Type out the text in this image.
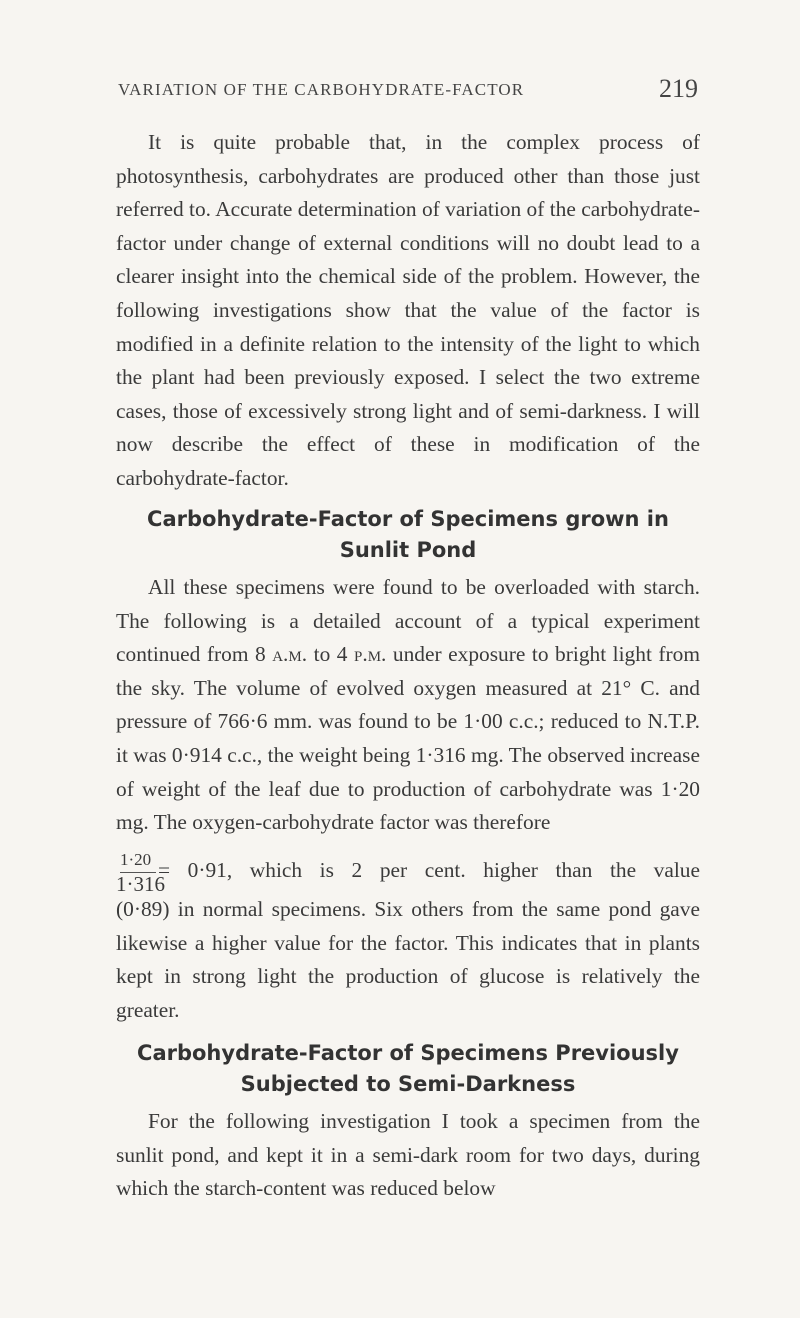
VARIATION OF THE CARBOHYDRATE-FACTOR	219

It is quite probable that, in the complex process of photosynthesis, carbohydrates are produced other than those just referred to. Accurate determination of variation of the carbohydrate-factor under change of external conditions will no doubt lead to a clearer insight into the chemical side of the problem. However, the following investigations show that the value of the factor is modified in a definite relation to the intensity of the light to which the plant had been previously exposed. I select the two extreme cases, those of excessively strong light and of semi-darkness. I will now describe the effect of these in modification of the carbohydrate-factor.

Carbohydrate-Factor of Specimens grown in
Sunlit Pond

All these specimens were found to be overloaded with starch. The following is a detailed account of a typical experiment continued from 8 a.m. to 4 p.m. under exposure to bright light from the sky. The volume of evolved oxygen measured at 21° C. and pressure of 766·6 mm. was found to be 1·00 c.c.; reduced to N.T.P. it was 0·914 c.c., the weight being 1·316 mg. The observed increase of weight of the leaf due to production of carbohydrate was 1·20 mg. The oxygen-carbohydrate factor was therefore

1·20
1·316
= 0·91, which is 2 per cent. higher than the value

(0·89) in normal specimens. Six others from the same pond gave likewise a higher value for the factor. This indicates that in plants kept in strong light the production of glucose is relatively the greater.

Carbohydrate-Factor of Specimens Previously
Subjected to Semi-Darkness

For the following investigation I took a specimen from the sunlit pond, and kept it in a semi-dark room for two days, during which the starch-content was reduced below
